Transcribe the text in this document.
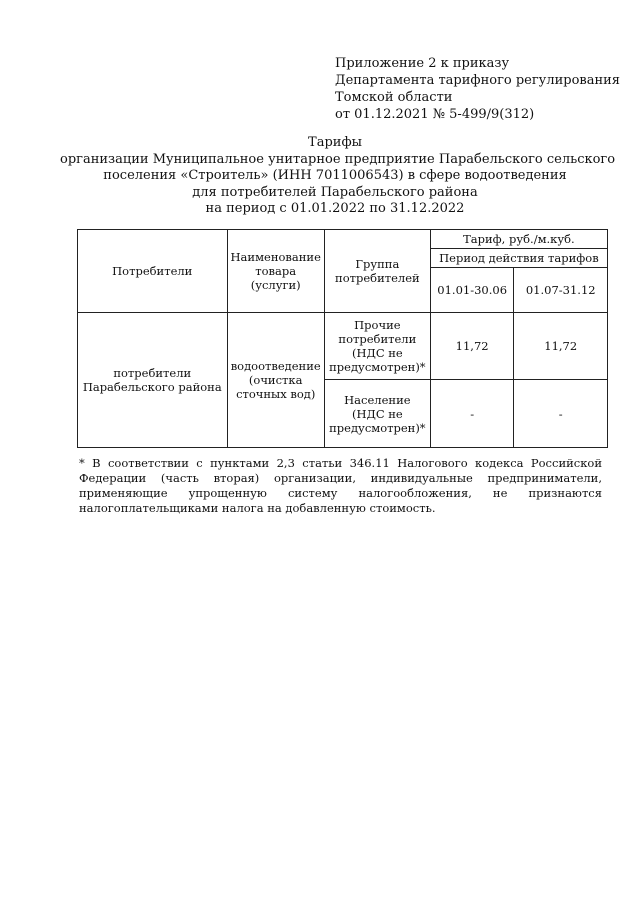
Приложение 2 к приказу
Департамента тарифного регулирования
Томской области
от 01.12.2021 № 5-499/9(312)
Тарифы
организации Муниципальное унитарное предприятие Парабельского сельского
поселения «Строитель» (ИНН 7011006543) в сфере водоотведения
для потребителей Парабельского района
на период с 01.01.2022 по 31.12.2022
Потребители	Наименование товара (услуги)	Группа потребителей	Тариф, руб./м.куб.	
			Период действия тарифов	
			01.01-30.06	01.07-31.12
потребители Парабельского района	водоотведение (очистка сточных вод)	Прочие потребители (НДС не предусмотрен)*	11,72	11,72
		Население (НДС не предусмотрен)*	-	-
* В соответствии с пунктами 2,3 статьи 346.11 Налогового кодекса Российской Федерации (часть вторая) организации, индивидуальные предприниматели, применяющие упрощенную систему налогообложения, не признаются налогоплательщиками налога на добавленную стоимость.
